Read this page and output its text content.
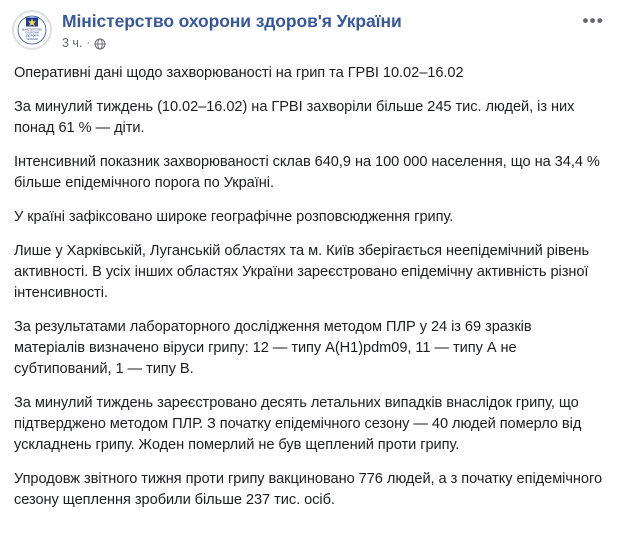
МІНІСТЕРСТВО
ОХОРОНИ
ЗДОРОВ'Я
УКРАЇНИ
Міністерство охорони здоров'я України
3 ч. ·
•••

Оперативні дані щодо захворюваності на грип та ГРВІ 10.02–16.02

За минулий тиждень (10.02–16.02) на ГРВІ захворіли більше 245 тис. людей, із них понад 61 % — діти.

Інтенсивний показник захворюваності склав 640,9 на 100 000 населення, що на 34,4 % більше епідемічного порога по Україні.

У країні зафіксовано широке географічне розповсюдження грипу.

Лише у Харківській, Луганській областях та м. Київ зберігається неепідемічний рівень активності. В усіх інших областях України зареєстровано епідемічну активність різної інтенсивності.

За результатами лабораторного дослідження методом ПЛР у 24 із 69 зразків матеріалів визначено віруси грипу: 12 — типу A(H1)pdm09, 11 — типу А не субтипований, 1 — типу В.

За минулий тиждень зареєстровано десять летальних випадків внаслідок грипу, що підтверджено методом ПЛР. З початку епідемічного сезону — 40 людей померло від ускладнень грипу. Жоден померлий не був щеплений проти грипу.

Упродовж звітного тижня проти грипу вакциновано 776 людей, а з початку епідемічного сезону щеплення зробили більше 237 тис. осіб.
